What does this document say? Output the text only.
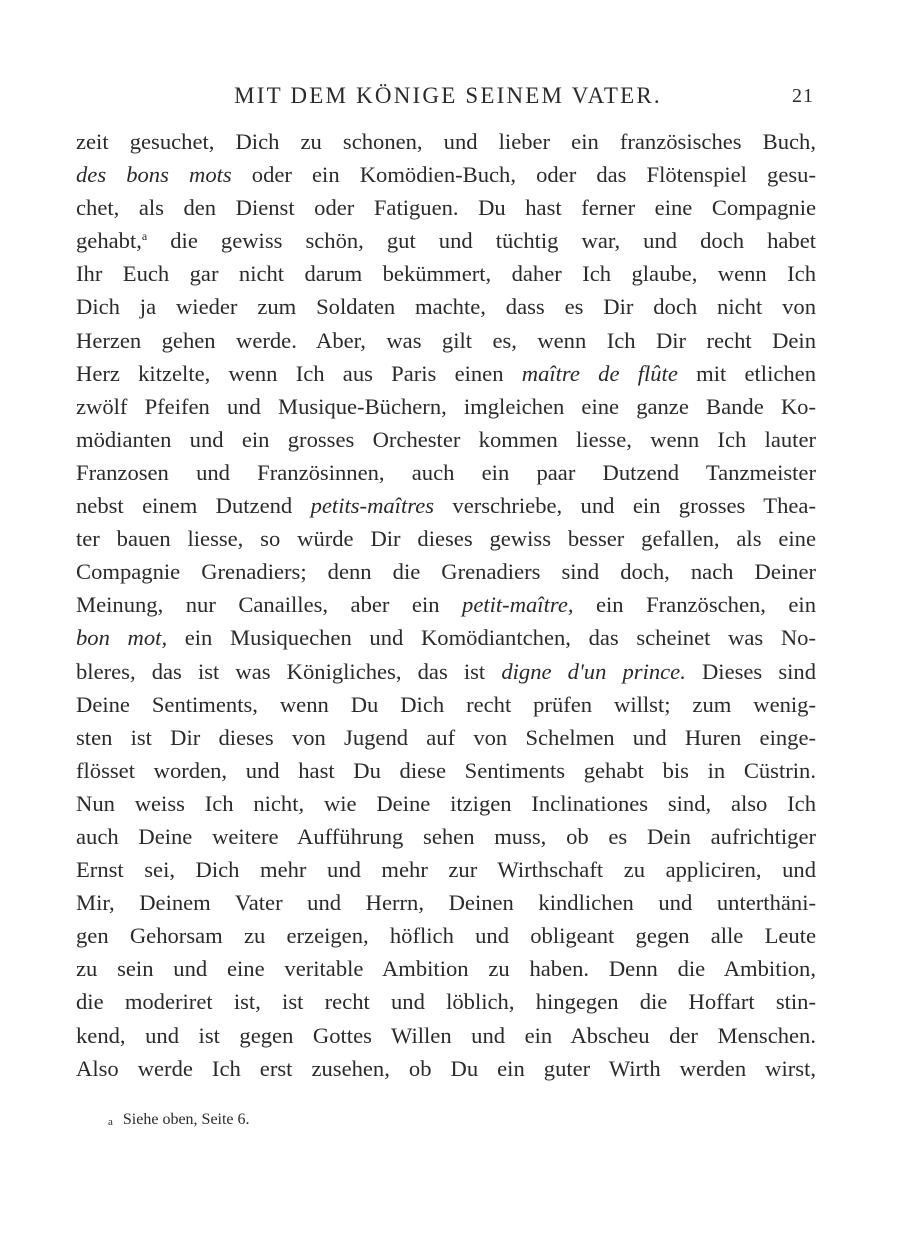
MIT DEM KÖNIGE SEINEM VATER.	21
zeit gesuchet, Dich zu schonen, und lieber ein französisches Buch,
des bons mots oder ein Komödien-Buch, oder das Flötenspiel gesu-
chet, als den Dienst oder Fatiguen. Du hast ferner eine Compagnie
gehabt,$^a$ die gewiss schön, gut und tüchtig war, und doch habet
Ihr Euch gar nicht darum bekümmert, daher Ich glaube, wenn Ich
Dich ja wieder zum Soldaten machte, dass es Dir doch nicht von
Herzen gehen werde. Aber, was gilt es, wenn Ich Dir recht Dein
Herz kitzelte, wenn Ich aus Paris einen maître de flûte mit etlichen
zwölf Pfeifen und Musique-Büchern, imgleichen eine ganze Bande Ko-
mödianten und ein grosses Orchester kommen liesse, wenn Ich lauter
Franzosen und Französinnen, auch ein paar Dutzend Tanzmeister
nebst einem Dutzend petits-maîtres verschriebe, und ein grosses Thea-
ter bauen liesse, so würde Dir dieses gewiss besser gefallen, als eine
Compagnie Grenadiers; denn die Grenadiers sind doch, nach Deiner
Meinung, nur Canailles, aber ein petit-maître, ein Französchen, ein
bon mot, ein Musiquechen und Komödiantchen, das scheinet was No-
bleres, das ist was Königliches, das ist digne d'un prince. Dieses sind
Deine Sentiments, wenn Du Dich recht prüfen willst; zum wenig-
sten ist Dir dieses von Jugend auf von Schelmen und Huren einge-
flösset worden, und hast Du diese Sentiments gehabt bis in Cüstrin.
Nun weiss Ich nicht, wie Deine itzigen Inclinationes sind, also Ich
auch Deine weitere Aufführung sehen muss, ob es Dein aufrichtiger
Ernst sei, Dich mehr und mehr zur Wirthschaft zu appliciren, und
Mir, Deinem Vater und Herrn, Deinen kindlichen und unterthäni-
gen Gehorsam zu erzeigen, höflich und obligeant gegen alle Leute
zu sein und eine veritable Ambition zu haben. Denn die Ambition,
die moderiret ist, ist recht und löblich, hingegen die Hoffart stin-
kend, und ist gegen Gottes Willen und ein Abscheu der Menschen.
Also werde Ich erst zusehen, ob Du ein guter Wirth werden wirst,
$^a$ Siehe oben, Seite 6.
